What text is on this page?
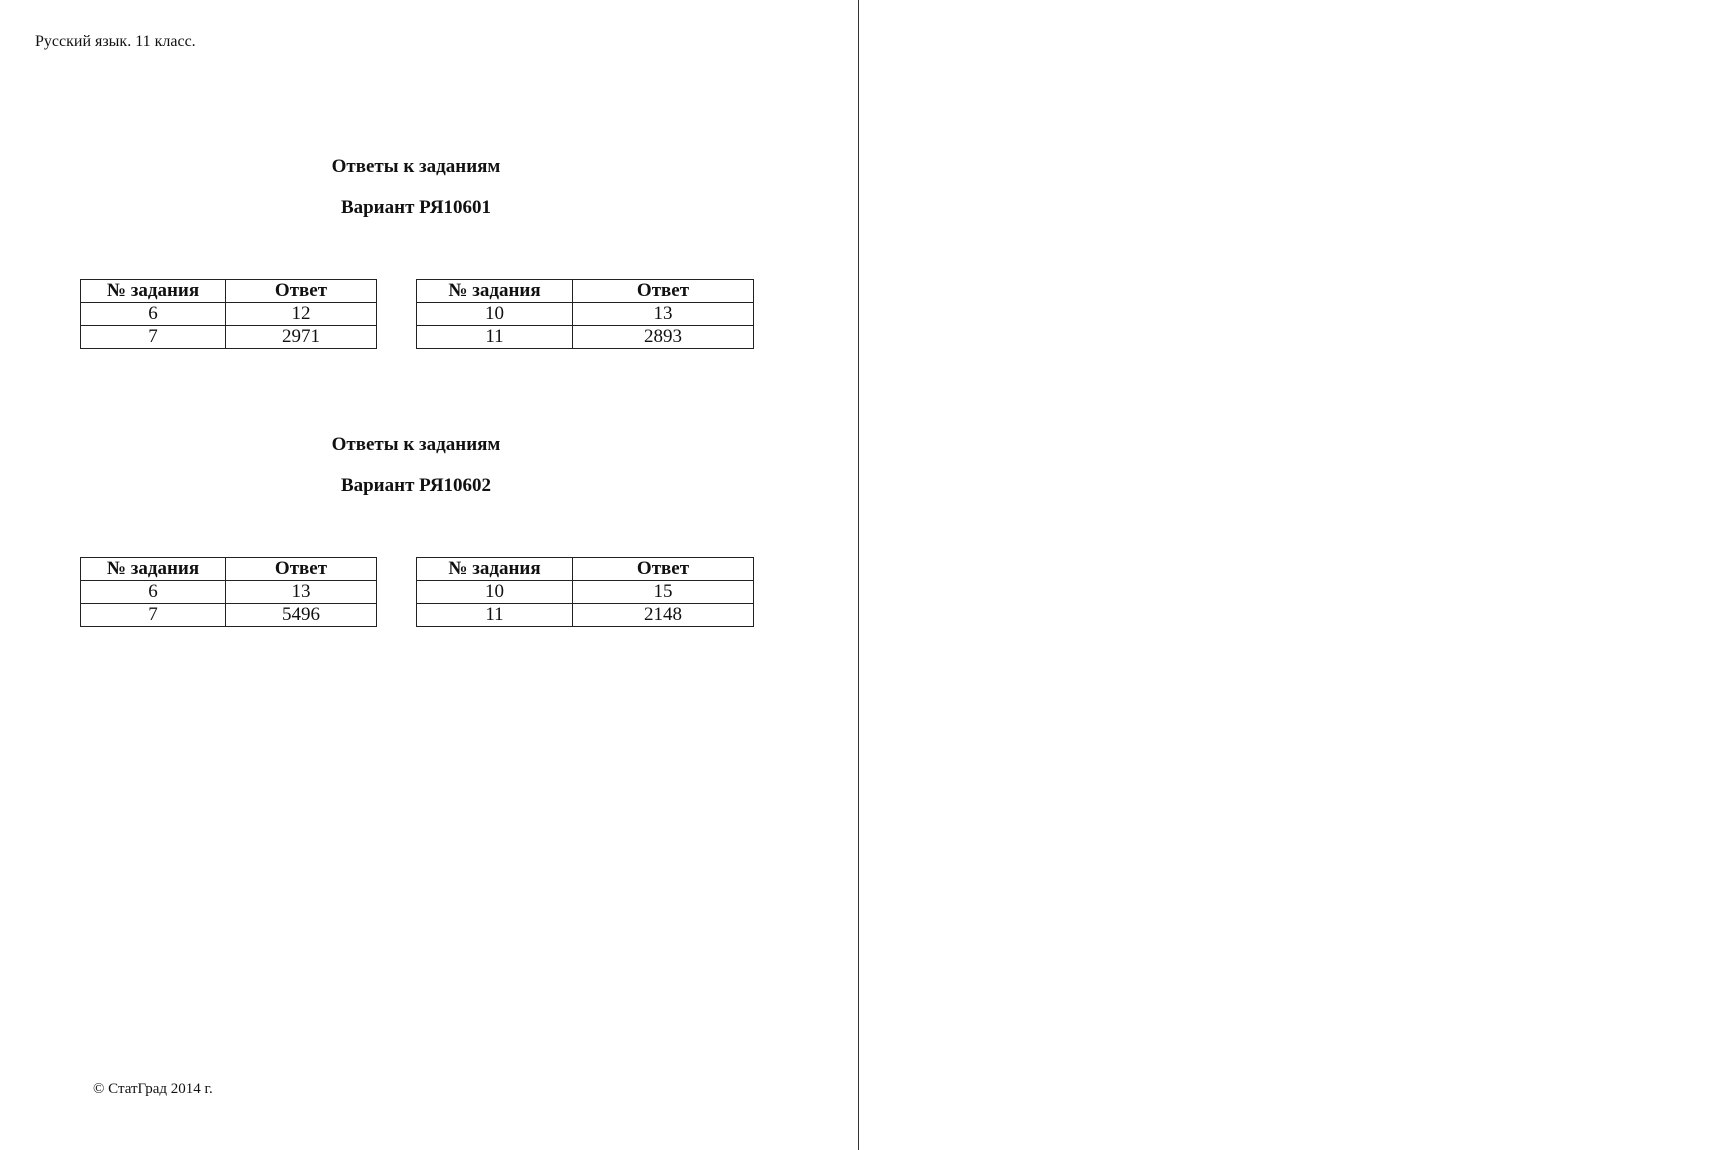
Русский язык. 11 класс.
Ответы к заданиям
Вариант РЯ10601
№ задания	Ответ
6	12
7	2971
№ задания	Ответ
10	13
11	2893
Ответы к заданиям
Вариант РЯ10602
№ задания	Ответ
6	13
7	5496
№ задания	Ответ
10	15
11	2148
© СтатГрад 2014 г.
